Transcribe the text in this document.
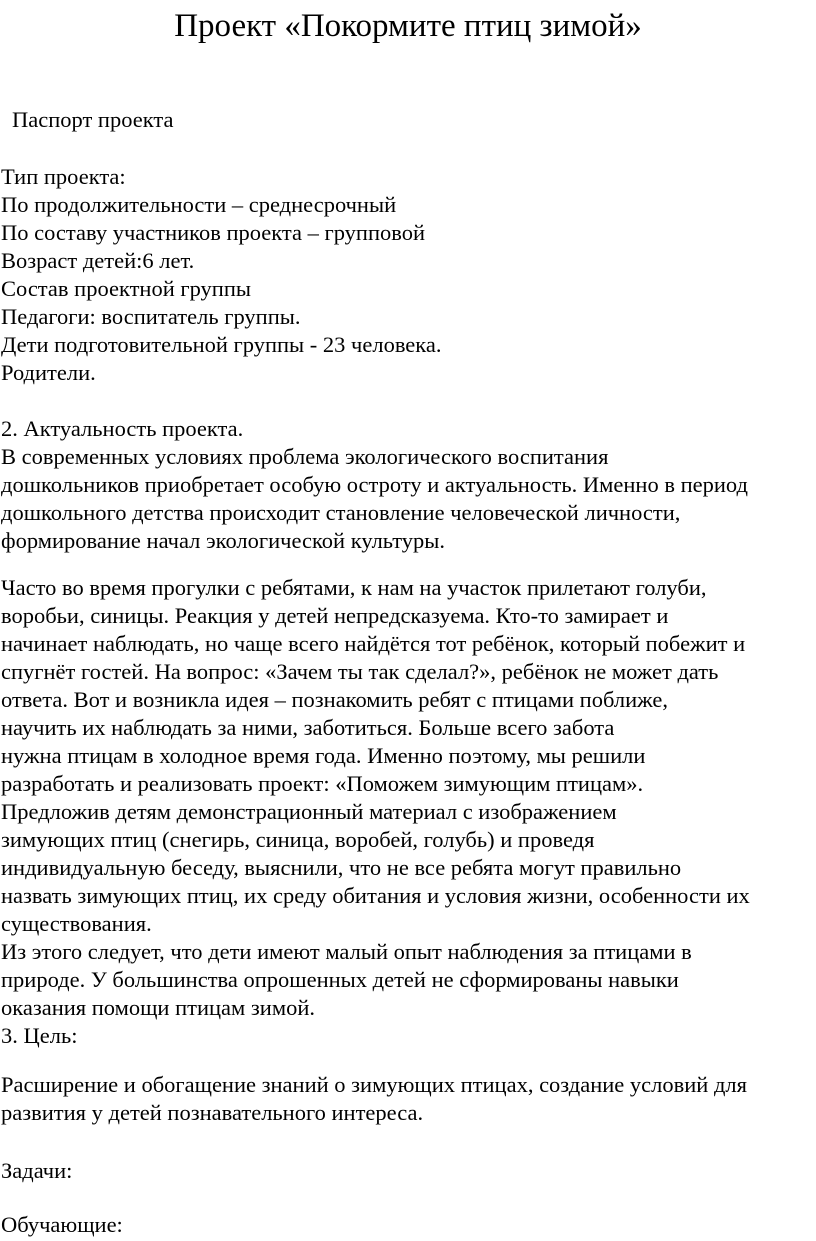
Проект «Покормите птиц зимой»
Паспорт проекта
Тип проекта:
По продолжительности – среднесрочный
По составу участников проекта – групповой
Возраст детей:6 лет.
Состав проектной группы
Педагоги: воспитатель группы.
Дети подготовительной группы - 23 человека.
Родители.
2. Актуальность проекта.
В современных условиях проблема экологического воспитания
дошкольников приобретает особую остроту и актуальность. Именно в период
дошкольного детства происходит становление человеческой личности,
формирование начал экологической культуры.
Часто во время прогулки с ребятами, к нам на участок прилетают голуби,
воробьи, синицы. Реакция у детей непредсказуема. Кто-то замирает и
начинает наблюдать, но чаще всего найдётся тот ребёнок, который побежит и
спугнёт гостей. На вопрос: «Зачем ты так сделал?», ребёнок не может дать
ответа. Вот и возникла идея – познакомить ребят с птицами поближе,
научить их наблюдать за ними, заботиться. Больше всего забота
нужна птицам в холодное время года. Именно поэтому, мы решили
разработать и реализовать проект: «Поможем зимующим птицам».
Предложив детям демонстрационный материал с изображением
зимующих птиц (снегирь, синица, воробей, голубь) и проведя
индивидуальную беседу, выяснили, что не все ребята могут правильно
назвать зимующих птиц, их среду обитания и условия жизни, особенности их
существования.
Из этого следует, что дети имеют малый опыт наблюдения за птицами в
природе. У большинства опрошенных детей не сформированы навыки
оказания помощи птицам зимой.
3. Цель:
Расширение и обогащение знаний о зимующих птицах, создание условий для
развития у детей познавательного интереса.
Задачи:
Обучающие:
